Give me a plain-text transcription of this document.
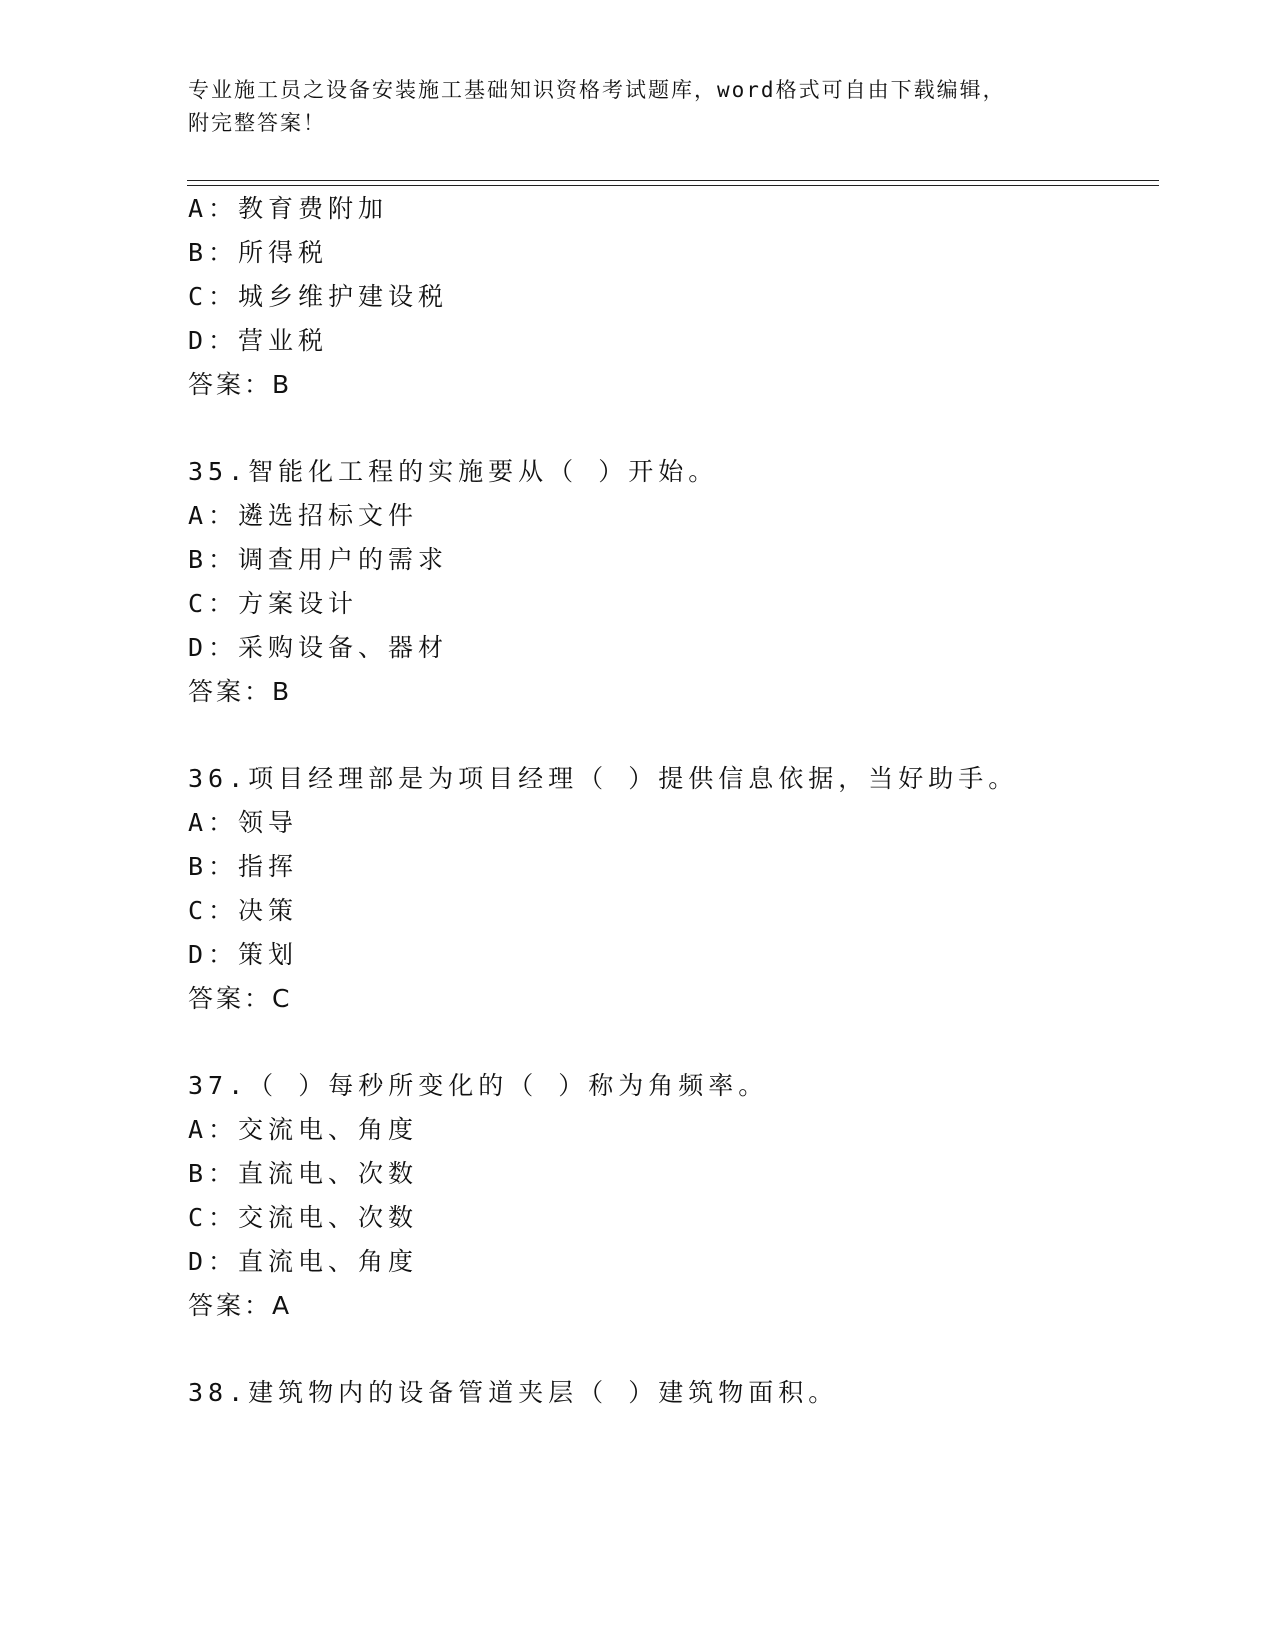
专业施工员之设备安装施工基础知识资格考试题库，word格式可自由下载编辑，
附完整答案！
A：教育费附加
B：所得税
C：城乡维护建设税
D：营业税
答案：B
35.智能化工程的实施要从（ ）开始。
A：遴选招标文件
B：调查用户的需求
C：方案设计
D：采购设备、器材
答案：B
36.项目经理部是为项目经理（ ）提供信息依据，当好助手。
A：领导
B：指挥
C：决策
D：策划
答案：C
37.（ ）每秒所变化的（ ）称为角频率。
A：交流电、角度
B：直流电、次数
C：交流电、次数
D：直流电、角度
答案：A
38.建筑物内的设备管道夹层（ ）建筑物面积。
